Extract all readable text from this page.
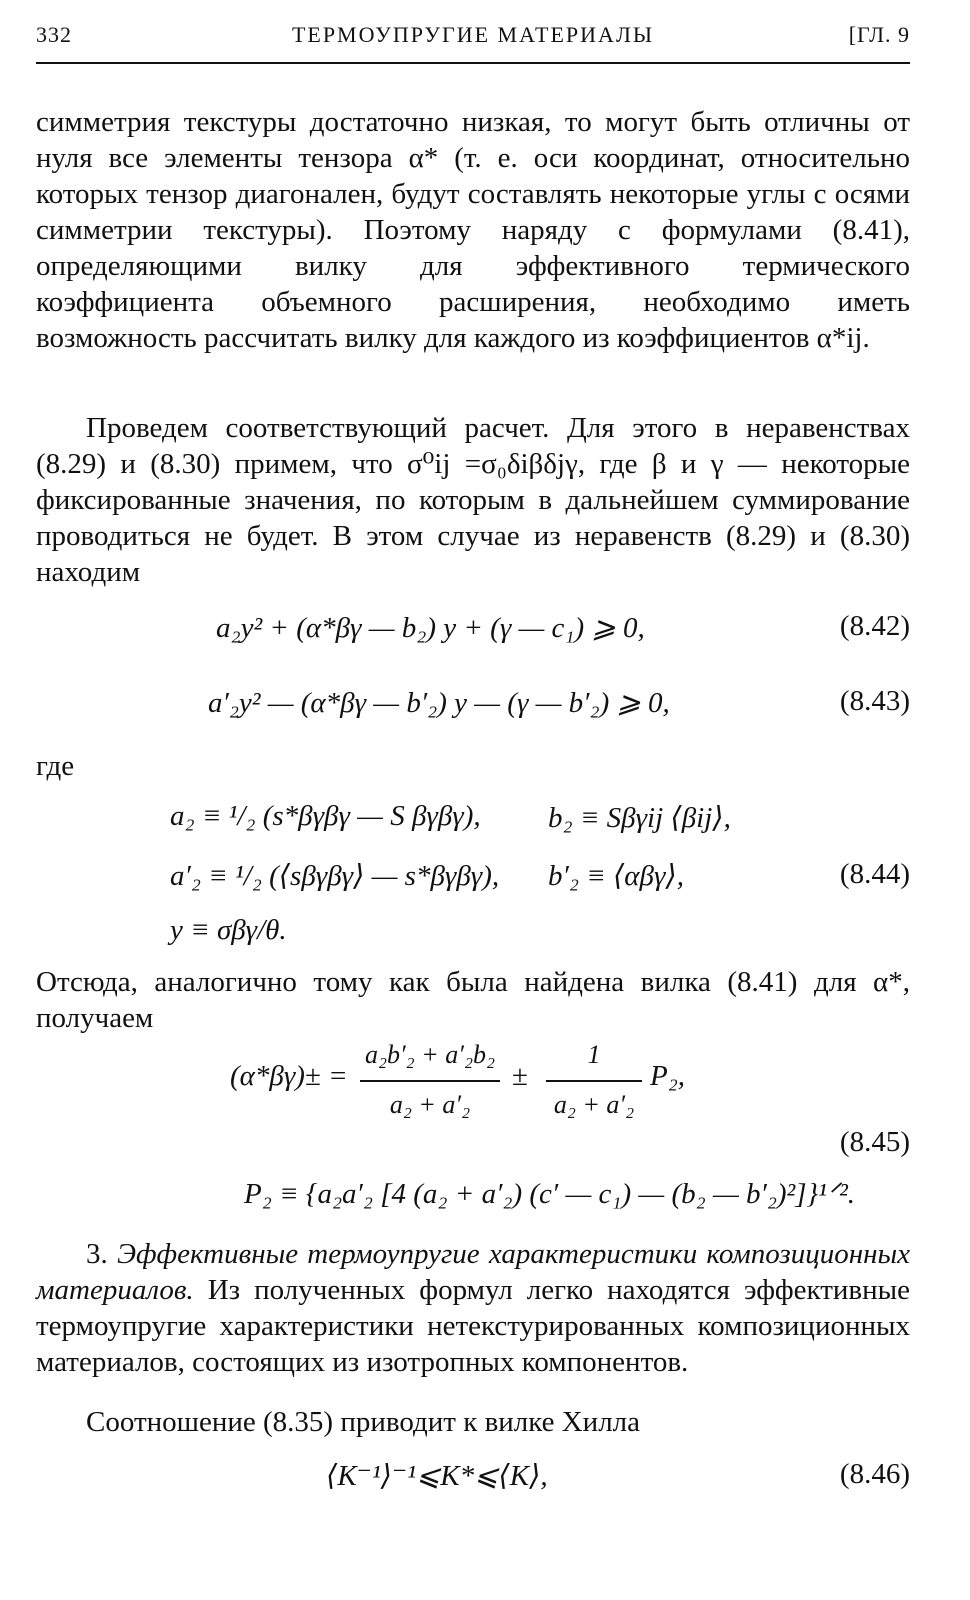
332	ТЕРМОУПРУГИЕ МАТЕРИАЛЫ	[ГЛ. 9
симметрия текстуры достаточно низкая, то могут быть отличны от нуля все элементы тензора α* (т. е. оси координат, относительно которых тензор диагонален, будут составлять некоторые углы с осями симметрии текстуры). Поэтому наряду с формулами (8.41), определяющими вилку для эффективного термического коэффициента объемного расширения, необходимо иметь возможность рассчитать вилку для каждого из коэффициентов α*ij.
Проведем соответствующий расчет. Для этого в неравенствах (8.29) и (8.30) примем, что σ⁰ij =σ₀δiβδjγ, где β и γ — некоторые фиксированные значения, по которым в дальнейшем суммирование проводиться не будет. В этом случае из неравенств (8.29) и (8.30) находим
a₂y² + (α*βγ — b₂) y + (γ — c₁) ⩾ 0,	(8.42)
a′₂y² — (α*βγ — b′₂) y — (γ — b′₂) ⩾ 0,	(8.43)
где
a₂ ≡ ¹/₂ (s*βγβγ — S βγβγ), b₂ ≡ Sβγij ⟨βij⟩,
a′₂ ≡ ¹/₂ (⟨sβγβγ⟩ — s*βγβγ), b′₂ ≡ ⟨αβγ⟩,	(8.44)
y ≡ σβγ/θ.
Отсюда, аналогично тому как была найдена вилка (8.41) для α*, получаем
(α*βγ)± =
a₂b′₂ + a′₂b₂
a₂ + a′₂
±
1
a₂ + a′₂
P₂,
(8.45)
P₂ ≡ {a₂a′₂ [4 (a₂ + a′₂) (c′ — c₁) — (b₂ — b′₂)²]}¹ᐟ².
3. Эффективные термоупругие характеристики композиционных материалов. Из полученных формул легко находятся эффективные термоупругие характеристики нетекстурированных композиционных материалов, состоящих из изотропных компонентов.
Соотношение (8.35) приводит к вилке Хилла
⟨K⁻¹⟩⁻¹⩽K*⩽⟨K⟩,	(8.46)
